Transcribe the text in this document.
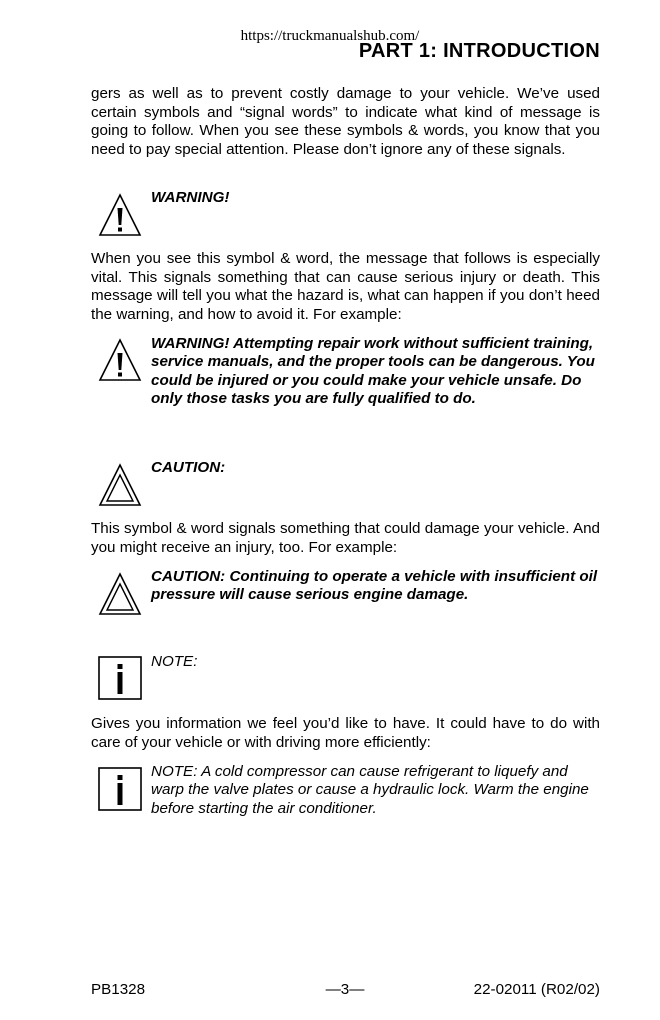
https://truckmanualshub.com/
PART 1: INTRODUCTION

gers as well as to prevent costly damage to your vehicle. We’ve used certain symbols and “signal words” to indicate what kind of message is going to follow. When you see these symbols & words, you know that you need to pay special attention. Please don’t ignore any of these signals.

WARNING!

When you see this symbol & word, the message that follows is especially vital. This signals something that can cause serious injury or death. This message will tell you what the hazard is, what can happen if you don’t heed the warning, and how to avoid it. For example:

WARNING! Attempting repair work without sufficient training, service manuals, and the proper tools can be dangerous. You could be injured or you could make your vehicle unsafe. Do only those tasks you are fully qualified to do.

CAUTION:

This symbol & word signals something that could damage your vehicle. And you might receive an injury, too. For example:

CAUTION: Continuing to operate a vehicle with insufficient oil pressure will cause serious engine damage.

NOTE:

Gives you information we feel you’d like to have. It could have to do with care of your vehicle or with driving more efficiently:

NOTE: A cold compressor can cause refrigerant to liquefy and warp the valve plates or cause a hydraulic lock. Warm the engine before starting the air conditioner.

PB1328	—3—	22-02011 (R02/02)
